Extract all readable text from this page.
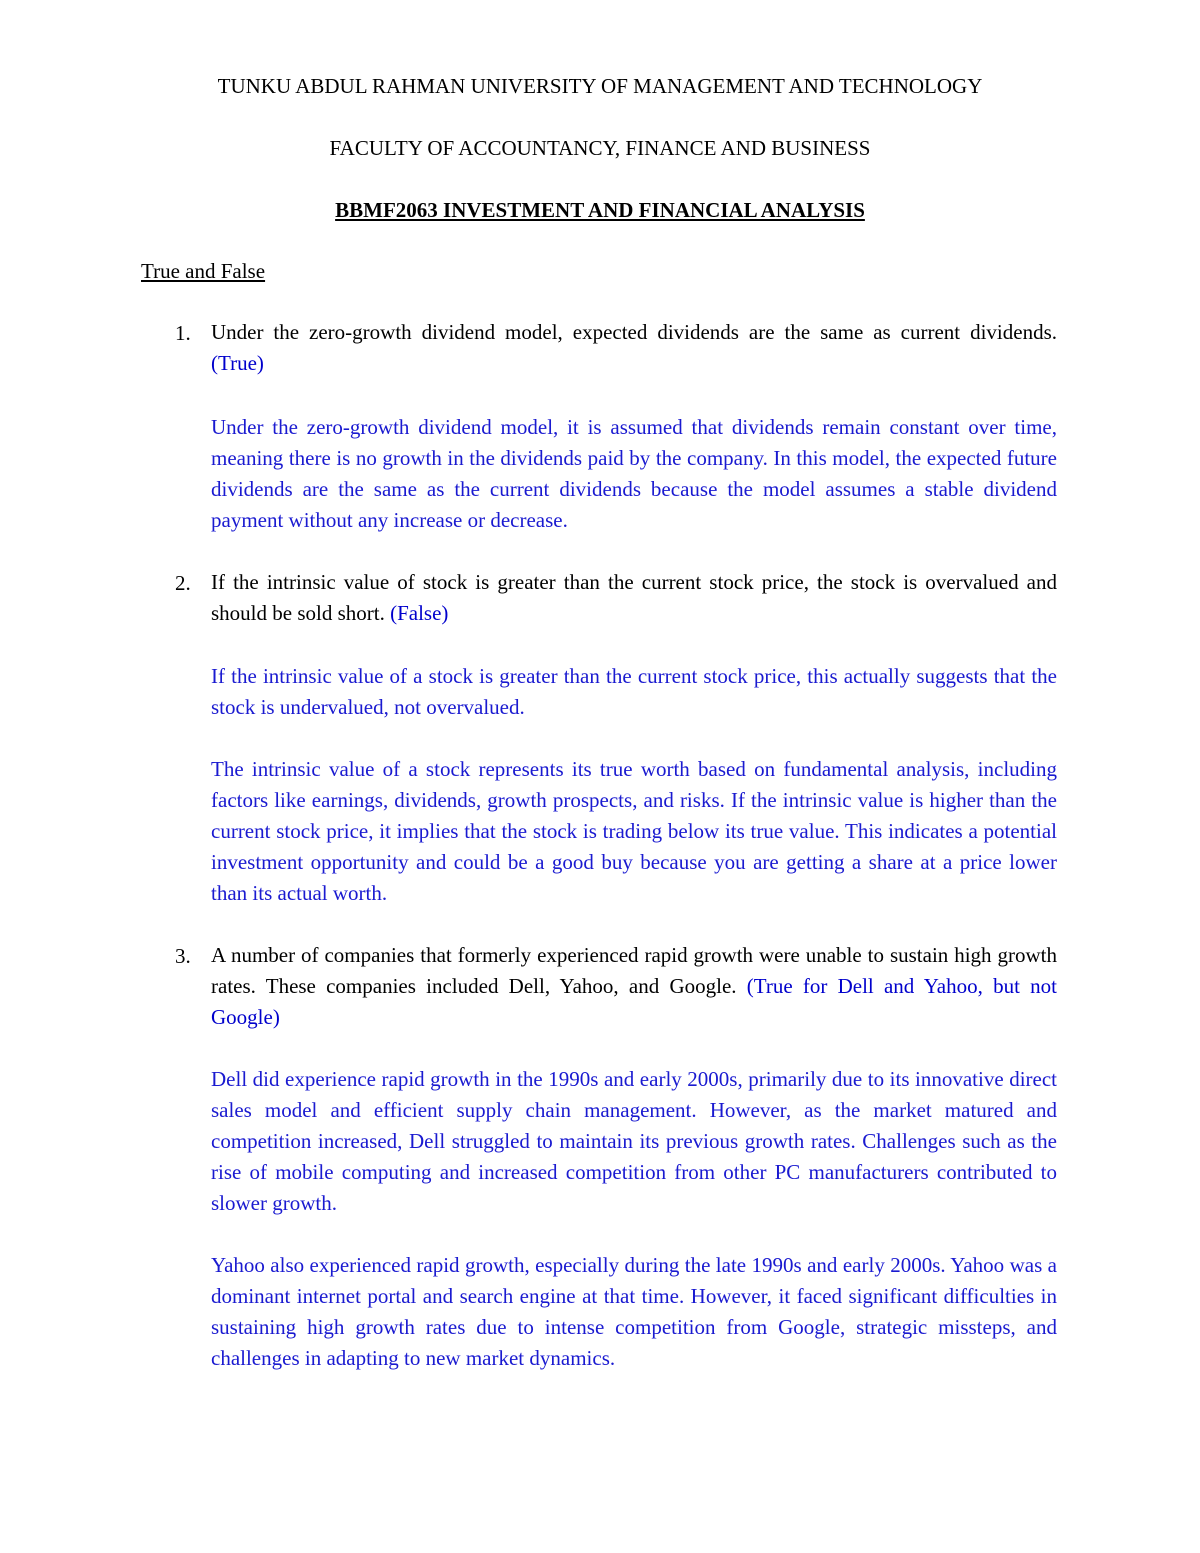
TUNKU ABDUL RAHMAN UNIVERSITY OF MANAGEMENT AND TECHNOLOGY
FACULTY OF ACCOUNTANCY, FINANCE AND BUSINESS
BBMF2063 INVESTMENT AND FINANCIAL ANALYSIS
True and False
1. Under the zero-growth dividend model, expected dividends are the same as current dividends. (True)

Under the zero-growth dividend model, it is assumed that dividends remain constant over time, meaning there is no growth in the dividends paid by the company. In this model, the expected future dividends are the same as the current dividends because the model assumes a stable dividend payment without any increase or decrease.

2. If the intrinsic value of stock is greater than the current stock price, the stock is overvalued and should be sold short. (False)

If the intrinsic value of a stock is greater than the current stock price, this actually suggests that the stock is undervalued, not overvalued.

The intrinsic value of a stock represents its true worth based on fundamental analysis, including factors like earnings, dividends, growth prospects, and risks. If the intrinsic value is higher than the current stock price, it implies that the stock is trading below its true value. This indicates a potential investment opportunity and could be a good buy because you are getting a share at a price lower than its actual worth.

3. A number of companies that formerly experienced rapid growth were unable to sustain high growth rates. These companies included Dell, Yahoo, and Google. (True for Dell and Yahoo, but not Google)

Dell did experience rapid growth in the 1990s and early 2000s, primarily due to its innovative direct sales model and efficient supply chain management. However, as the market matured and competition increased, Dell struggled to maintain its previous growth rates. Challenges such as the rise of mobile computing and increased competition from other PC manufacturers contributed to slower growth.

Yahoo also experienced rapid growth, especially during the late 1990s and early 2000s. Yahoo was a dominant internet portal and search engine at that time. However, it faced significant difficulties in sustaining high growth rates due to intense competition from Google, strategic missteps, and challenges in adapting to new market dynamics.
